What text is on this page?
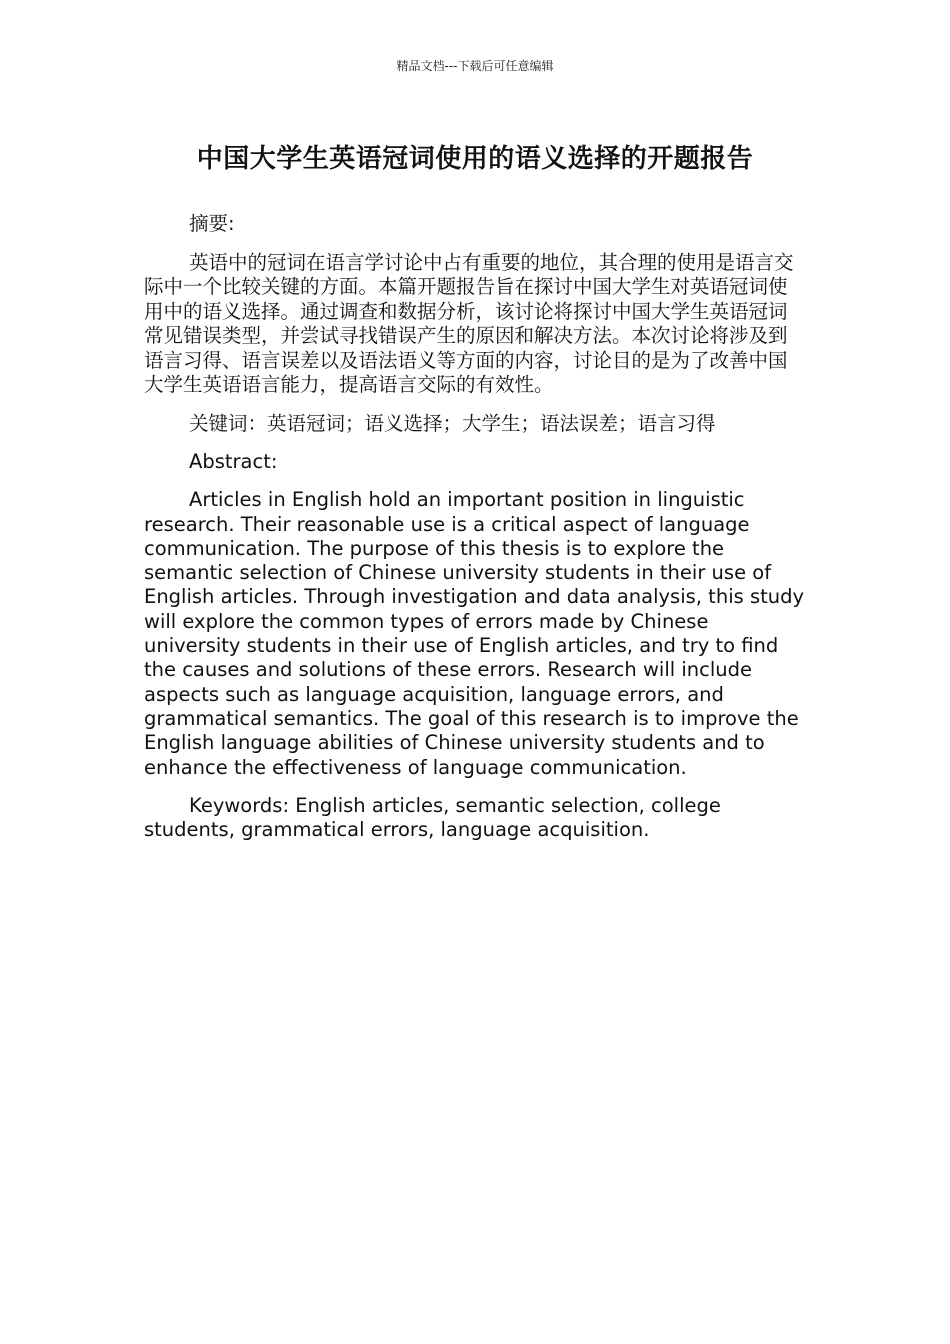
精品文档---下载后可任意编辑
中国大学生英语冠词使用的语义选择的开题报告

摘要:

英语中的冠词在语言学讨论中占有重要的地位，其合理的使用是语言交际中一个比较关键的方面。本篇开题报告旨在探讨中国大学生对英语冠词使用中的语义选择。通过调查和数据分析，该讨论将探讨中国大学生英语冠词常见错误类型，并尝试寻找错误产生的原因和解决方法。本次讨论将涉及到语言习得、语言误差以及语法语义等方面的内容，讨论目的是为了改善中国大学生英语语言能力，提高语言交际的有效性。

关键词：英语冠词；语义选择；大学生；语法误差；语言习得

Abstract:

Articles in English hold an important position in linguistic research. Their reasonable use is a critical aspect of language communication. The purpose of this thesis is to explore the semantic selection of Chinese university students in their use of English articles. Through investigation and data analysis, this study will explore the common types of errors made by Chinese university students in their use of English articles, and try to find the causes and solutions of these errors. Research will include aspects such as language acquisition, language errors, and grammatical semantics. The goal of this research is to improve the English language abilities of Chinese university students and to enhance the effectiveness of language communication.

Keywords: English articles, semantic selection, college students, grammatical errors, language acquisition.
